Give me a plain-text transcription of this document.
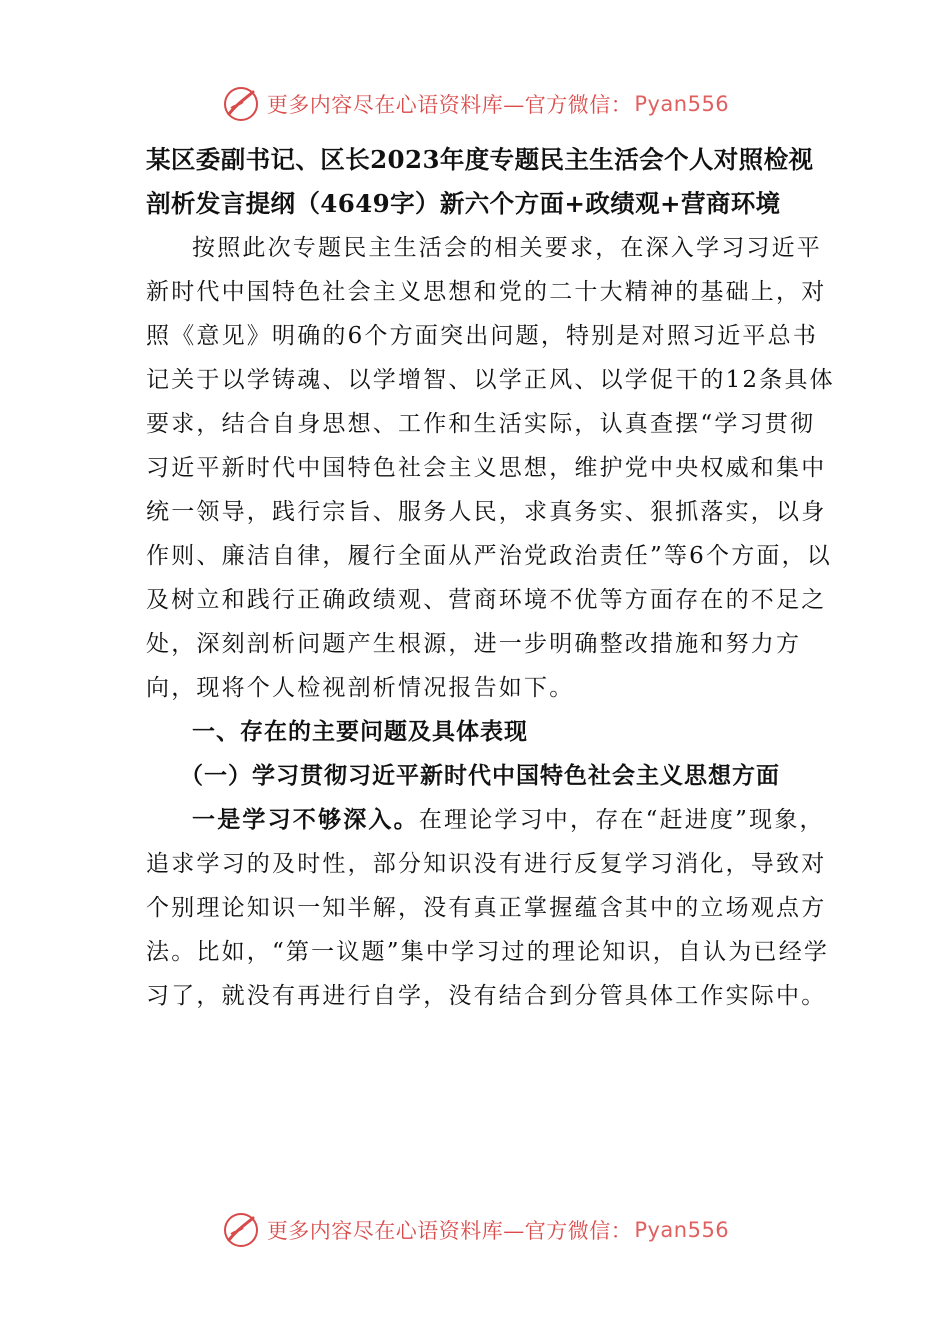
更多内容尽在心语资料库—官方微信： Pyan556

某区委副书记、区长2023年度专题民主生活会个人对照检视剖析发言提纲（4649字）新六个方面+政绩观+营商环境

按照此次专题民主生活会的相关要求，在深入学习习近平新时代中国特色社会主义思想和党的二十大精神的基础上，对照《意见》明确的6个方面突出问题，特别是对照习近平总书记关于以学铸魂、以学增智、以学正风、以学促干的12条具体要求，结合自身思想、工作和生活实际，认真查摆“学习贯彻习近平新时代中国特色社会主义思想，维护党中央权威和集中统一领导，践行宗旨、服务人民，求真务实、狠抓落实，以身作则、廉洁自律，履行全面从严治党政治责任”等6个方面，以及树立和践行正确政绩观、营商环境不优等方面存在的不足之处，深刻剖析问题产生根源，进一步明确整改措施和努力方向，现将个人检视剖析情况报告如下。

一、存在的主要问题及具体表现

（一）学习贯彻习近平新时代中国特色社会主义思想方面

一是学习不够深入。在理论学习中，存在“赶进度”现象，追求学习的及时性，部分知识没有进行反复学习消化，导致对个别理论知识一知半解，没有真正掌握蕴含其中的立场观点方法。比如，“第一议题”集中学习过的理论知识，自认为已经学习了，就没有再进行自学，没有结合到分管具体工作实际中。

更多内容尽在心语资料库—官方微信： Pyan556
